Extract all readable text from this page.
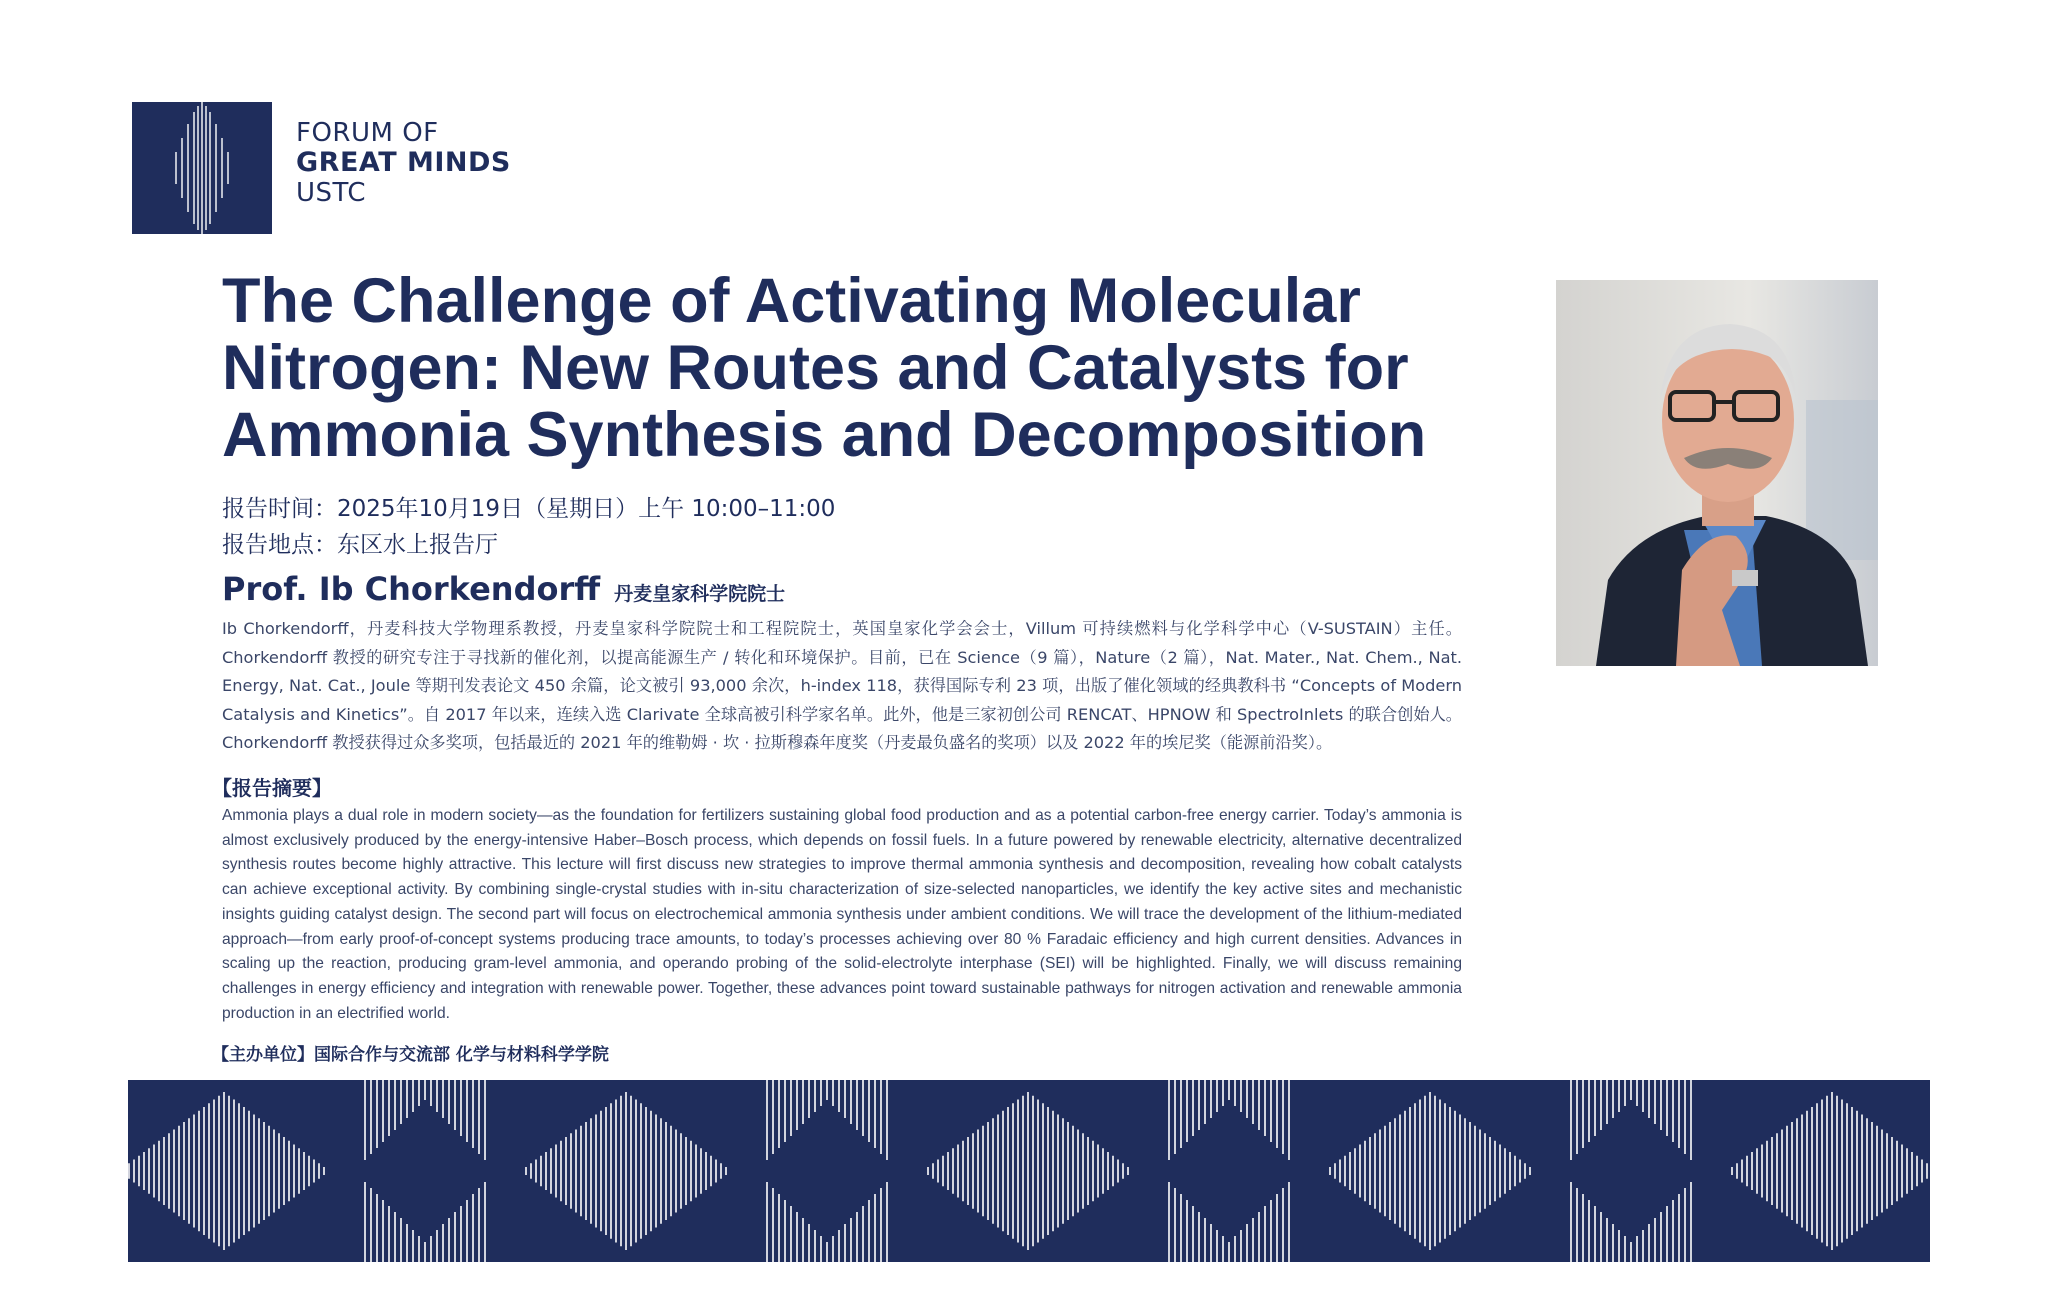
FORUM OF
GREAT MINDS
USTC
The Challenge of Activating Molecular Nitrogen: New Routes and Catalysts for Ammonia Synthesis and Decomposition
报告时间：2025年10月19日（星期日）上午 10:00–11:00
报告地点：东区水上报告厅
Prof. Ib Chorkendorff 丹麦皇家科学院院士

Ib Chorkendorff，丹麦科技大学物理系教授，丹麦皇家科学院院士和工程院院士，英国皇家化学会会士，Villum 可持续燃料与化学科学中心（V-SUSTAIN）主任。Chorkendorff 教授的研究专注于寻找新的催化剂，以提高能源生产 / 转化和环境保护。目前，已在 Science（9 篇），Nature（2 篇），Nat. Mater., Nat. Chem., Nat. Energy, Nat. Cat., Joule 等期刊发表论文 450 余篇，论文被引 93,000 余次，h-index 118，获得国际专利 23 项，出版了催化领域的经典教科书 “Concepts of Modern Catalysis and Kinetics”。自 2017 年以来，连续入选 Clarivate 全球高被引科学家名单。此外，他是三家初创公司 RENCAT、HPNOW 和 SpectroInlets 的联合创始人。Chorkendorff 教授获得过众多奖项，包括最近的 2021 年的维勒姆 · 坎 · 拉斯穆森年度奖（丹麦最负盛名的奖项）以及 2022 年的埃尼奖（能源前沿奖）。

【报告摘要】

Ammonia plays a dual role in modern society—as the foundation for fertilizers sustaining global food production and as a potential carbon-free energy carrier. Today’s ammonia is almost exclusively produced by the energy-intensive Haber–Bosch process, which depends on fossil fuels. In a future powered by renewable electricity, alternative decentralized synthesis routes become highly attractive. This lecture will first discuss new strategies to improve thermal ammonia synthesis and decomposition, revealing how cobalt catalysts can achieve exceptional activity. By combining single-crystal studies with in-situ characterization of size-selected nanoparticles, we identify the key active sites and mechanistic insights guiding catalyst design. The second part will focus on electrochemical ammonia synthesis under ambient conditions. We will trace the development of the lithium-mediated approach—from early proof-of-concept systems producing trace amounts, to today’s processes achieving over 80 % Faradaic efficiency and high current densities. Advances in scaling up the reaction, producing gram-level ammonia, and operando probing of the solid-electrolyte interphase (SEI) will be highlighted. Finally, we will discuss remaining challenges in energy efficiency and integration with renewable power. Together, these advances point toward sustainable pathways for nitrogen activation and renewable ammonia production in an electrified world.

【主办单位】国际合作与交流部 化学与材料科学学院
